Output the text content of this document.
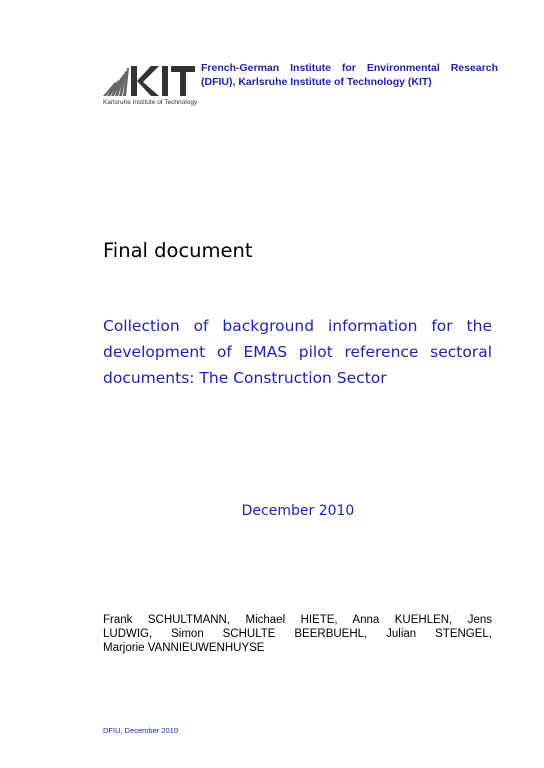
Karlsruhe Institute of Technology
French-German Institute for Environmental Research
(DFIU), Karlsruhe Institute of Technology (KIT)
Final document
Collection of background information for the
development of EMAS pilot reference sectoral
documents: The Construction Sector
December 2010
Frank SCHULTMANN, Michael HIETE, Anna KUEHLEN, Jens
LUDWIG, Simon SCHULTE BEERBUEHL, Julian STENGEL,
Marjorie VANNIEUWENHUYSE
DFIU, December 2010
